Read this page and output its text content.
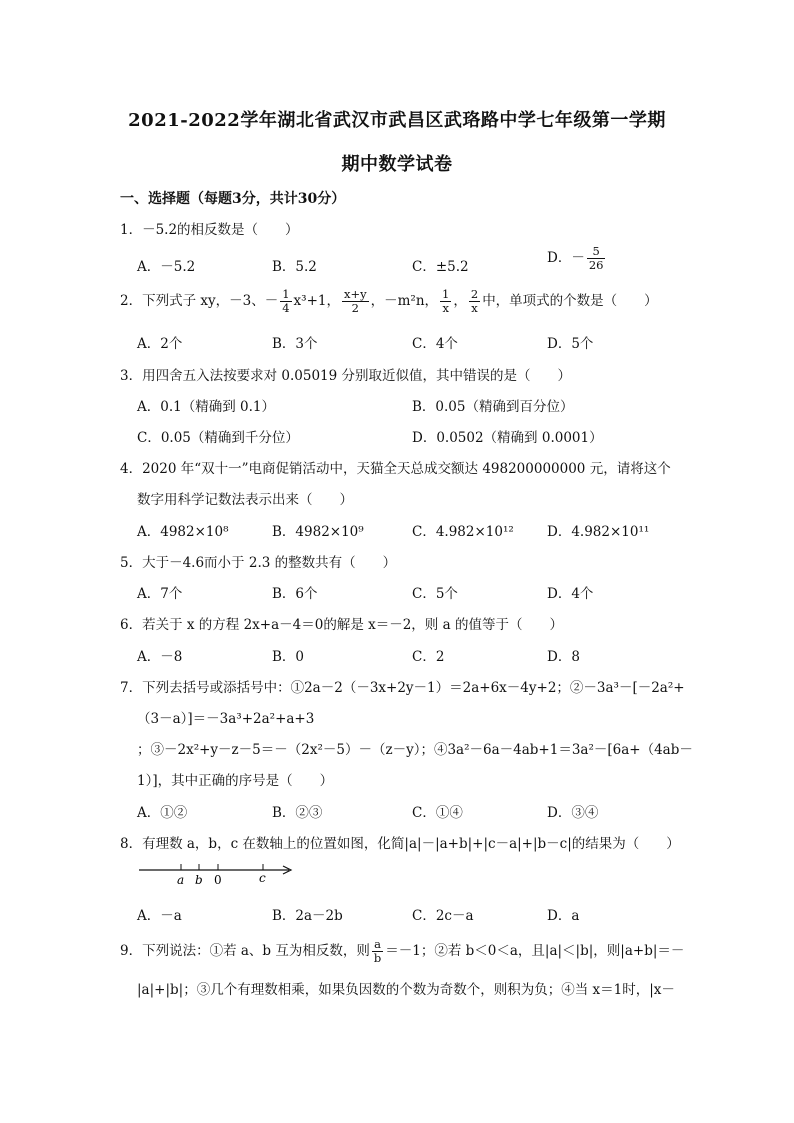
2021-2022学年湖北省武汉市武昌区武珞路中学七年级第一学期
期中数学试卷
一、选择题（每题3分，共计30分）
1．－5.2的相反数是（　　）
A．－5.2	B．5.2	C．±5.2
D．－ $\frac{5}{26}$
2．下列式子 xy，－3、－ $\frac{1}{4} x^3+1$， $\frac{x+y}{2}$ ，－m²n， $\frac{1}{x}$ ， $\frac{2}{x}$ 中，单项式的个数是（　　）
A．2个	B．3个	C．4个	D．5个
3．用四舍五入法按要求对 0.05019 分别取近似值，其中错误的是（　　）
A．0.1（精确到 0.1）	B．0.05（精确到百分位）
C．0.05（精确到千分位）	D．0.0502（精确到 0.0001）
4．2020 年“双十一”电商促销活动中，天猫全天总成交额达 498200000000 元，请将这个
数字用科学记数法表示出来（　　）
A．4982×10⁸	B．4982×10⁹	C．4.982×10¹² D．4.982×10¹¹
5．大于－4.6而小于 2.3 的整数共有（　　）
A．7个	B．6个	C．5个	D．4个
6．若关于 x 的方程 2x+a－4＝0的解是 x＝－2，则 a 的值等于（　　）
A．－8	B．0	C．2	D．8
7．下列去括号或添括号中：①2a－2（－3x+2y－1）＝2a+6x－4y+2；②－3a³－[－2a²+
（3－a）]＝－3a³+2a²+a+3
；③－2x²+y－z－5＝－（2x²－5）－（z－y）；④3a²－6a－4ab+1＝3a²－[6a+（4ab－
1）]，其中正确的序号是（　　）
A．①②	B．②③	C．①④	D．③④
8．有理数 a，b，c 在数轴上的位置如图，化简|a|－|a+b|+|c－a|+|b－c|的结果为（　　）
a b 0	c
A．－a	B．2a－2b	C．2c－a	D．a
9．下列说法：①若 a、b 互为相反数，则 $\frac{a}{b} =-1$；②若 b＜0＜a，且|a|＜|b|，则|a+b|＝－
|a|+|b|；③几个有理数相乘，如果负因数的个数为奇数个，则积为负；④当 x＝1时，|x－
